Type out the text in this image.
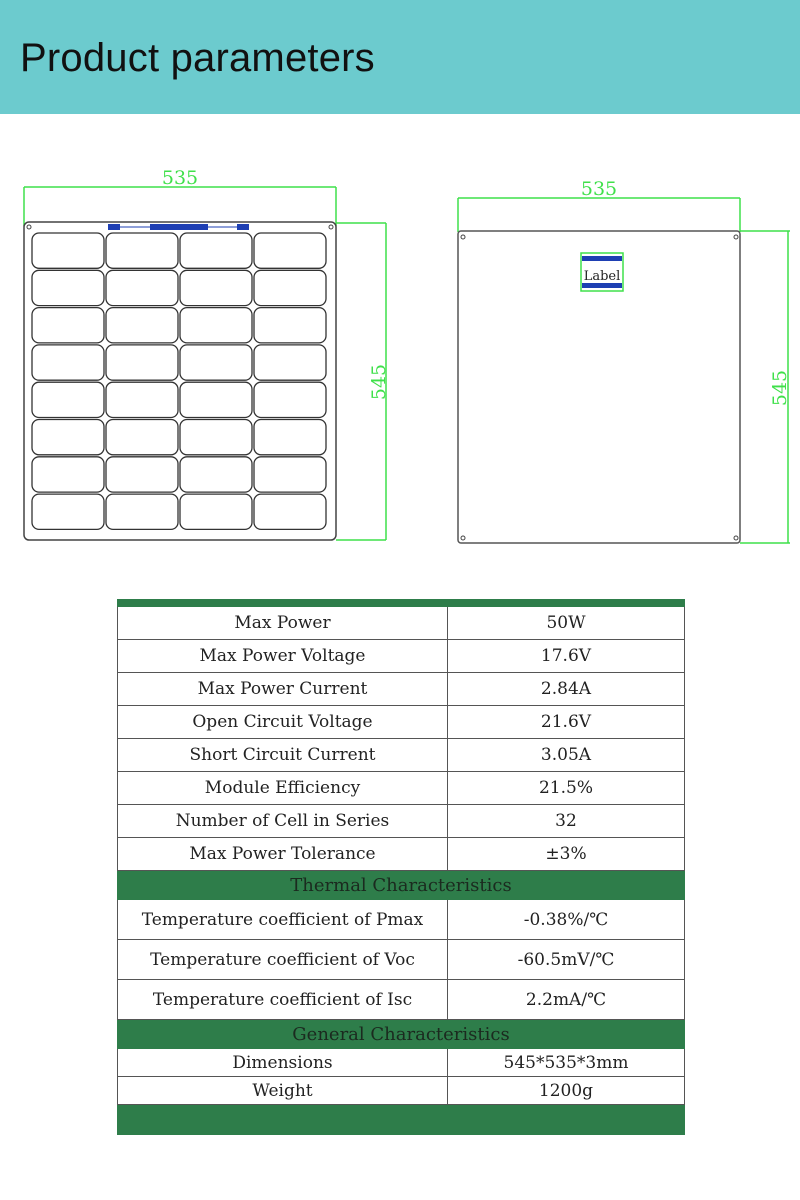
Product parameters
535
545
535
545
Label

Max Power	50W
Max Power Voltage	17.6V
Max Power Current	2.84A
Open Circuit Voltage	21.6V
Short Circuit Current	3.05A
Module Efficiency	21.5%
Number of Cell in Series	32
Max Power Tolerance	±3%
Thermal Characteristics	
Temperature coefficient of Pmax	-0.38%/℃
Temperature coefficient of Voc	-60.5mV/℃
Temperature coefficient of Isc	2.2mA/℃
General Characteristics	
Dimensions	545*535*3mm
Weight	1200g
